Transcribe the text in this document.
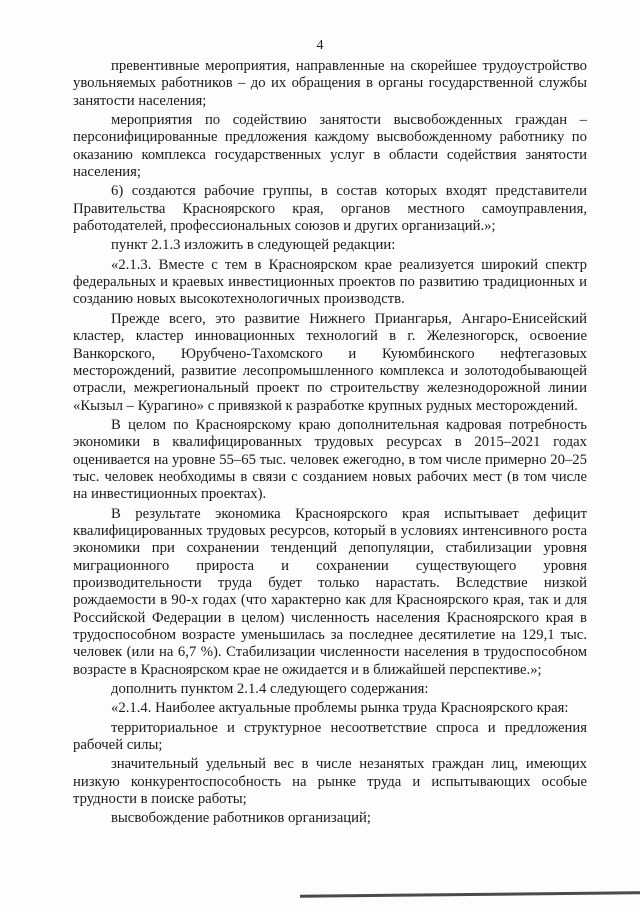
4

превентивные мероприятия, направленные на скорейшее трудоустройство увольняемых работников – до их обращения в органы государственной службы занятости населения;

мероприятия по содействию занятости высвобожденных граждан – персонифицированные предложения каждому высвобожденному работнику по оказанию комплекса государственных услуг в области содействия занятости населения;

6) создаются рабочие группы, в состав которых входят представители Правительства Красноярского края, органов местного самоуправления, работодателей, профессиональных союзов и других организаций.»;

пункт 2.1.3 изложить в следующей редакции:

«2.1.3. Вместе с тем в Красноярском крае реализуется широкий спектр федеральных и краевых инвестиционных проектов по развитию традиционных и созданию новых высокотехнологичных производств.

Прежде всего, это развитие Нижнего Приангарья, Ангаро-Енисейский кластер, кластер инновационных технологий в г. Железногорск, освоение Ванкорского, Юрубчено-Тахомского и Куюмбинского нефтегазовых месторождений, развитие лесопромышленного комплекса и золотодобывающей отрасли, межрегиональный проект по строительству железнодорожной линии «Кызыл – Курагино» с привязкой к разработке крупных рудных месторождений.

В целом по Красноярскому краю дополнительная кадровая потребность экономики в квалифицированных трудовых ресурсах в 2015–2021 годах оценивается на уровне 55–65 тыс. человек ежегодно, в том числе примерно 20–25 тыс. человек необходимы в связи с созданием новых рабочих мест (в том числе на инвестиционных проектах).

В результате экономика Красноярского края испытывает дефицит квалифицированных трудовых ресурсов, который в условиях интенсивного роста экономики при сохранении тенденций депопуляции, стабилизации уровня миграционного прироста и сохранении существующего уровня производительности труда будет только нарастать. Вследствие низкой рождаемости в 90-х годах (что характерно как для Красноярского края, так и для Российской Федерации в целом) численность населения Красноярского края в трудоспособном возрасте уменьшилась за последнее десятилетие на 129,1 тыс. человек (или на 6,7 %). Стабилизации численности населения в трудоспособном возрасте в Красноярском крае не ожидается и в ближайшей перспективе.»;

дополнить пунктом 2.1.4 следующего содержания:

«2.1.4. Наиболее актуальные проблемы рынка труда Красноярского края:

территориальное и структурное несоответствие спроса и предложения рабочей силы;

значительный удельный вес в числе незанятых граждан лиц, имеющих низкую конкурентоспособность на рынке труда и испытывающих особые трудности в поиске работы;

высвобождение работников организаций;
